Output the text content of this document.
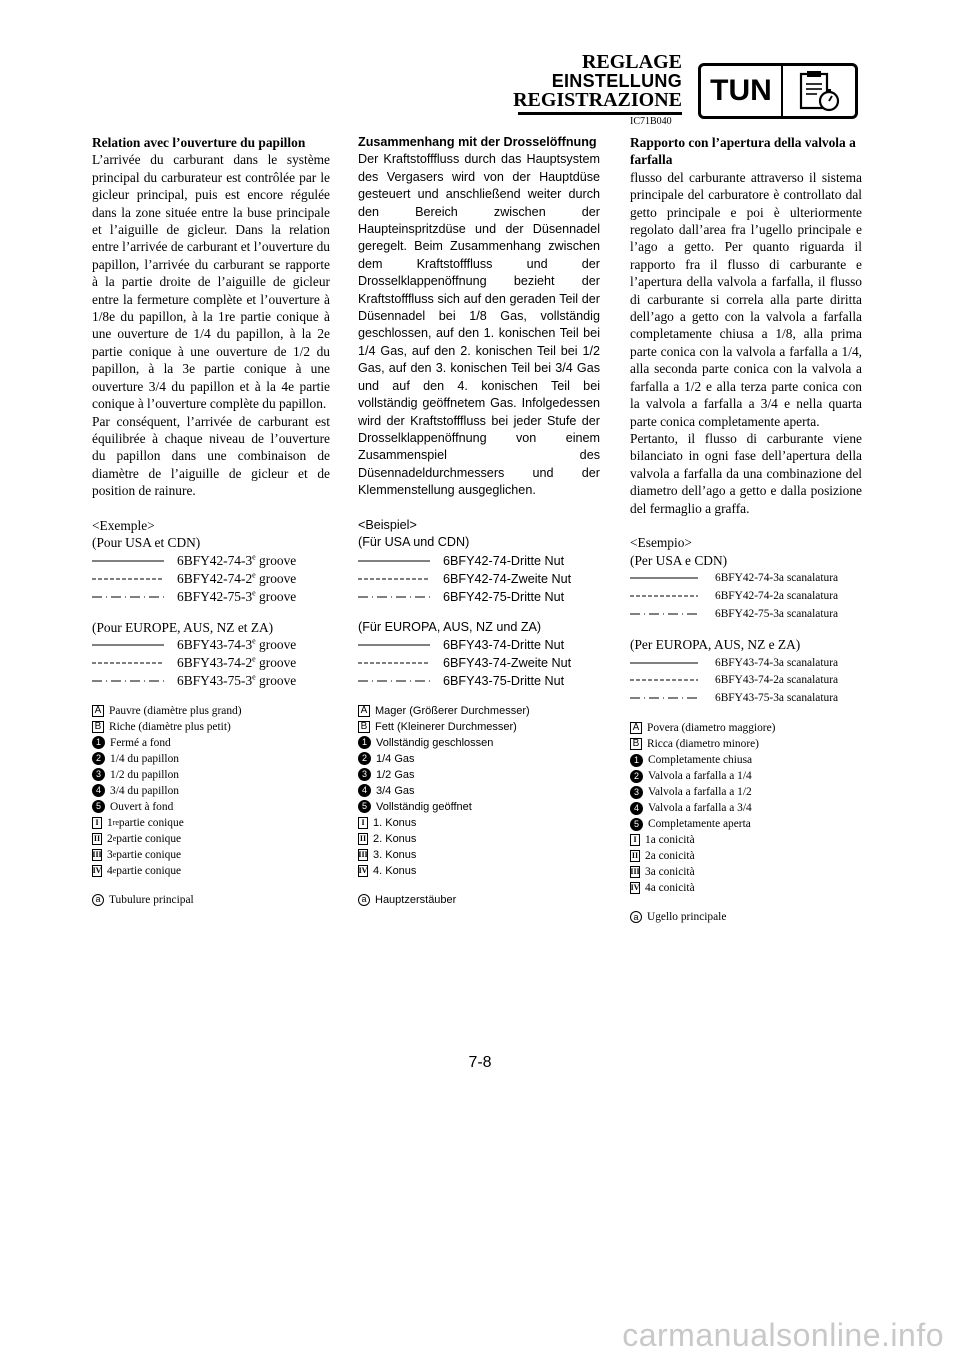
REGLAGE
EINSTELLUNG
REGISTRAZIONE TUN
IC71B040

Relation avec l’ouverture du papillon

L’arrivée du carburant dans le système principal du carburateur est contrôlée par le gicleur principal, puis est encore régulée dans la zone située entre la buse principale et l’aiguille de gicleur. Dans la relation entre l’arrivée de carburant et l’ouverture du papillon, l’arrivée du carburant se rapporte à la partie droite de l’aiguille de gicleur entre la fermeture complète et l’ouverture à 1/8e du papillon, à la 1re partie conique à une ouverture de 1/4 du papillon, à la 2e partie conique à une ouverture de 1/2 du papillon, à la 3e partie conique à une ouverture 3/4 du papillon et à la 4e partie conique à l’ouverture complète du papillon.

Par conséquent, l’arrivée de carburant est équilibrée à chaque niveau de l’ouverture du papillon dans une combinaison de diamètre de l’aiguille de gicleur et de position de rainure.

<Exemple>
(Pour USA et CDN)
6BFY42-74-3e groove
6BFY42-74-2e groove
6BFY42-75-3e groove
(Pour EUROPE, AUS, NZ et ZA)
6BFY43-74-3e groove
6BFY43-74-2e groove
6BFY43-75-3e groove
A Pauvre (diamètre plus grand)
B Riche (diamètre plus petit)
1 Fermé a fond
2 1/4 du papillon
3 1/2 du papillon
4 3/4 du papillon
5 Ouvert à fond
I 1 re partie conique
II 2 e partie conique
III 3 e partie conique
IV 4 e partie conique
a Tubulure principal

Zusammenhang mit der Drosselöffnung

Der Kraftstofffluss durch das Hauptsystem des Vergasers wird von der Hauptdüse gesteuert und anschließend weiter durch den Bereich zwischen der Haupteinspritzdüse und der Düsennadel geregelt. Beim Zusammenhang zwischen dem Kraftstofffluss und der Drosselklappenöffnung bezieht der Kraftstofffluss sich auf den geraden Teil der Düsennadel bei 1/8 Gas, vollständig geschlossen, auf den 1. konischen Teil bei 1/4 Gas, auf den 2. konischen Teil bei 1/2 Gas, auf den 3. konischen Teil bei 3/4 Gas und auf den 4. konischen Teil bei vollständig geöffnetem Gas. Infolgedessen wird der Kraftstofffluss bei jeder Stufe der Drosselklappenöffnung von einem Zusammenspiel des Düsennadeldurchmessers und der Klemmenstellung ausgeglichen.

<Beispiel>
(Für USA und CDN)
6BFY42-74-Dritte Nut
6BFY42-74-Zweite Nut
6BFY42-75-Dritte Nut
(Für EUROPA, AUS, NZ und ZA)
6BFY43-74-Dritte Nut
6BFY43-74-Zweite Nut
6BFY43-75-Dritte Nut
A Mager (Größerer Durchmesser)
B Fett (Kleinerer Durchmesser)
1 Vollständig geschlossen
2 1/4 Gas
3 1/2 Gas
4 3/4 Gas
5 Vollständig geöffnet
I 1. Konus
II 2. Konus
III 3. Konus
IV 4. Konus
a Hauptzerstäuber

Rapporto con l’apertura della valvola a farfalla

flusso del carburante attraverso il sistema principale del carburatore è controllato dal getto principale e poi è ulteriormente regolato dall’area fra l’ugello principale e l’ago a getto. Per quanto riguarda il rapporto fra il flusso di carburante e l’apertura della valvola a farfalla, il flusso di carburante si correla alla parte diritta dell’ago a getto con la valvola a farfalla completamente chiusa a 1/8, alla prima parte conica con la valvola a farfalla a 1/4, alla seconda parte conica con la valvola a farfalla a 1/2 e alla terza parte conica con la valvola a farfalla a 3/4 e nella quarta parte conica completamente aperta.

Pertanto, il flusso di carburante viene bilanciato in ogni fase dell’apertura della valvola a farfalla da una combinazione del diametro dell’ago a getto e dalla posizione del fermaglio a graffa.

<Esempio>
(Per USA e CDN)
6BFY42-74-3a scanalatura
6BFY42-74-2a scanalatura
6BFY42-75-3a scanalatura
(Per EUROPA, AUS, NZ e ZA)
6BFY43-74-3a scanalatura
6BFY43-74-2a scanalatura
6BFY43-75-3a scanalatura
A Povera (diametro maggiore)
B Ricca (diametro minore)
1 Completamente chiusa
2 Valvola a farfalla a 1/4
3 Valvola a farfalla a 1/2
4 Valvola a farfalla a 3/4
5 Completamente aperta
I 1a conicità
II 2a conicità
III 3a conicità
IV 4a conicità
a Ugello principale
7-8
carmanualsonline.info
